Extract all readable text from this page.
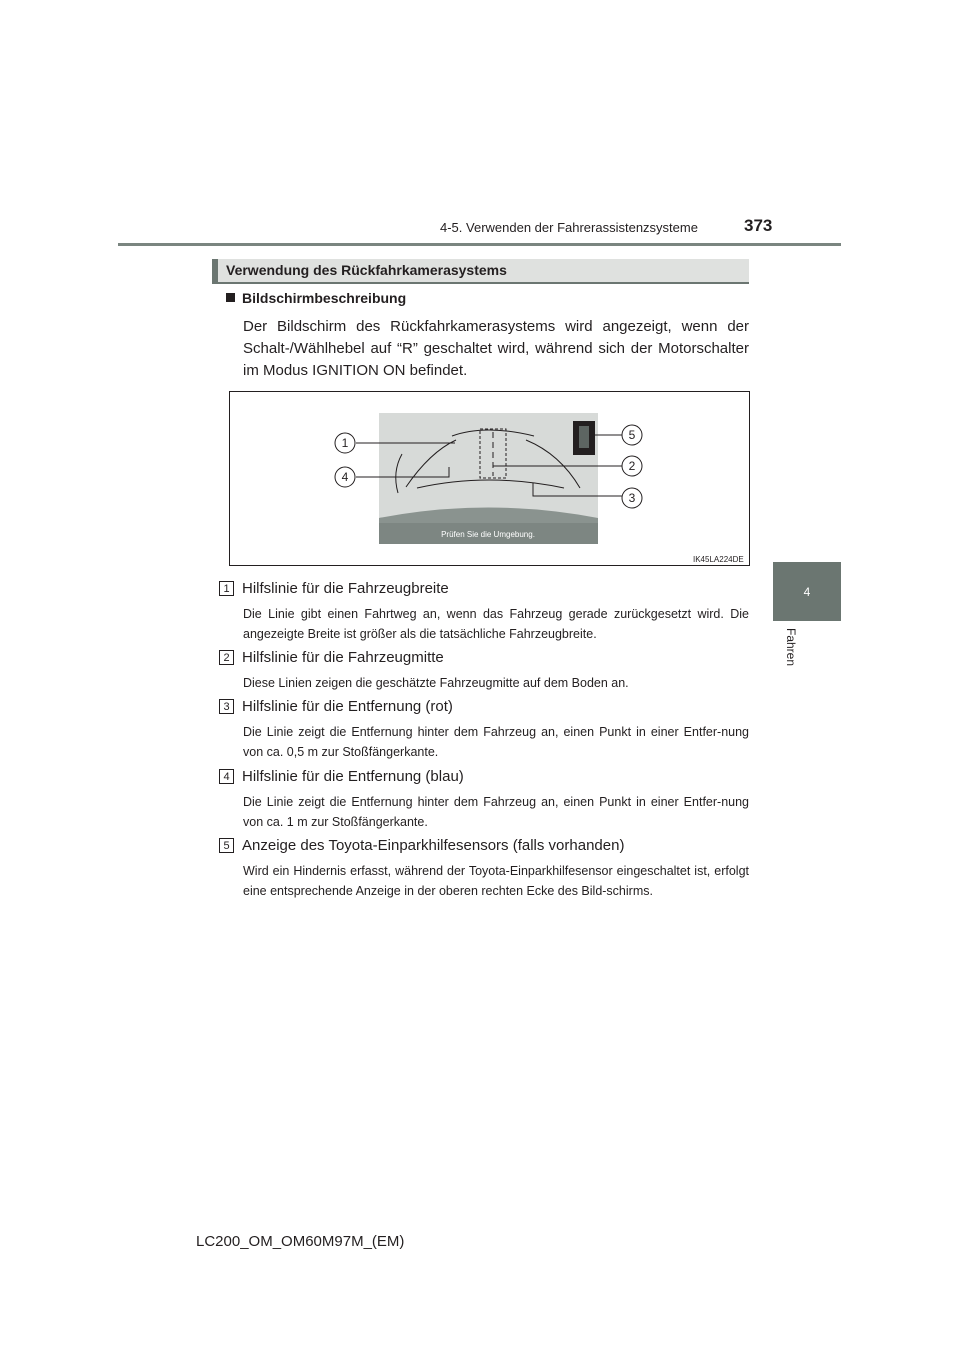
4-5. Verwenden der Fahrerassistenzsysteme	373
4
Fahren
Verwendung des Rückfahrkamerasystems
Bildschirmbeschreibung
Der Bildschirm des Rückfahrkamerasystems wird angezeigt, wenn der Schalt-/Wählhebel auf “R” geschaltet wird, während sich der Motorschalter im Modus IGNITION ON befindet.
Prüfen Sie die Umgebung.
1
4
5
2
3
IK45LA224DE
1 Hilfslinie für die Fahrzeugbreite
Die Linie gibt einen Fahrtweg an, wenn das Fahrzeug gerade zurückgesetzt wird. Die angezeigte Breite ist größer als die tatsächliche Fahrzeugbreite.
2 Hilfslinie für die Fahrzeugmitte
Diese Linien zeigen die geschätzte Fahrzeugmitte auf dem Boden an.
3 Hilfslinie für die Entfernung (rot)
Die Linie zeigt die Entfernung hinter dem Fahrzeug an, einen Punkt in einer Entfer-nung von ca. 0,5 m zur Stoßfängerkante.
4 Hilfslinie für die Entfernung (blau)
Die Linie zeigt die Entfernung hinter dem Fahrzeug an, einen Punkt in einer Entfer-nung von ca. 1 m zur Stoßfängerkante.
5 Anzeige des Toyota-Einparkhilfesensors (falls vorhanden)
Wird ein Hindernis erfasst, während der Toyota-Einparkhilfesensor eingeschaltet ist, erfolgt eine entsprechende Anzeige in der oberen rechten Ecke des Bild-schirms.
LC200_OM_OM60M97M_(EM)
